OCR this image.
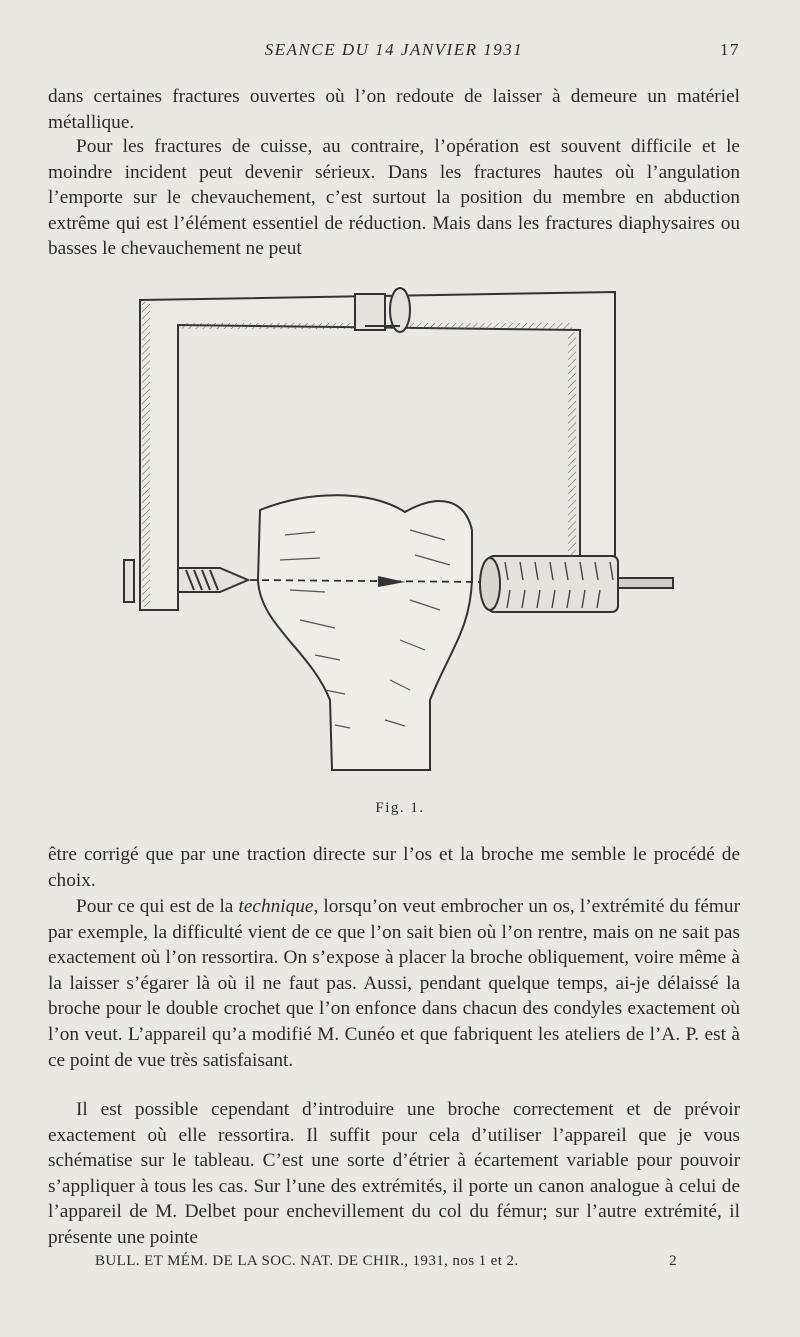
SEANCE DU 14 JANVIER 1931	17

dans certaines fractures ouvertes où l’on redoute de laisser à demeure un matériel métallique.

Pour les fractures de cuisse, au contraire, l’opération est souvent difficile et le moindre incident peut devenir sérieux. Dans les fractures hautes où l’angulation l’emporte sur le chevauchement, c’est surtout la position du membre en abduction extrême qui est l’élément essentiel de réduction. Mais dans les fractures diaphysaires ou basses le chevauchement ne peut

Fig. 1.

être corrigé que par une traction directe sur l’os et la broche me semble le procédé de choix.

Pour ce qui est de la technique, lorsqu’on veut embrocher un os, l’extrémité du fémur par exemple, la difficulté vient de ce que l’on sait bien où l’on rentre, mais on ne sait pas exactement où l’on ressortira. On s’expose à placer la broche obliquement, voire même à la laisser s’égarer là où il ne faut pas. Aussi, pendant quelque temps, ai-je délaissé la broche pour le double crochet que l’on enfonce dans chacun des condyles exactement où l’on veut. L’appareil qu’a modifié M. Cunéo et que fabriquent les ateliers de l’A. P. est à ce point de vue très satisfaisant.

Il est possible cependant d’introduire une broche correctement et de prévoir exactement où elle ressortira. Il suffit pour cela d’utiliser l’appareil que je vous schématise sur le tableau. C’est une sorte d’étrier à écartement variable pour pouvoir s’appliquer à tous les cas. Sur l’une des extrémités, il porte un canon analogue à celui de l’appareil de M. Delbet pour enchevillement du col du fémur; sur l’autre extrémité, il présente une pointe

BULL. ET MÉM. DE LA SOC. NAT. DE CHIR., 1931, nos 1 et 2.	2
